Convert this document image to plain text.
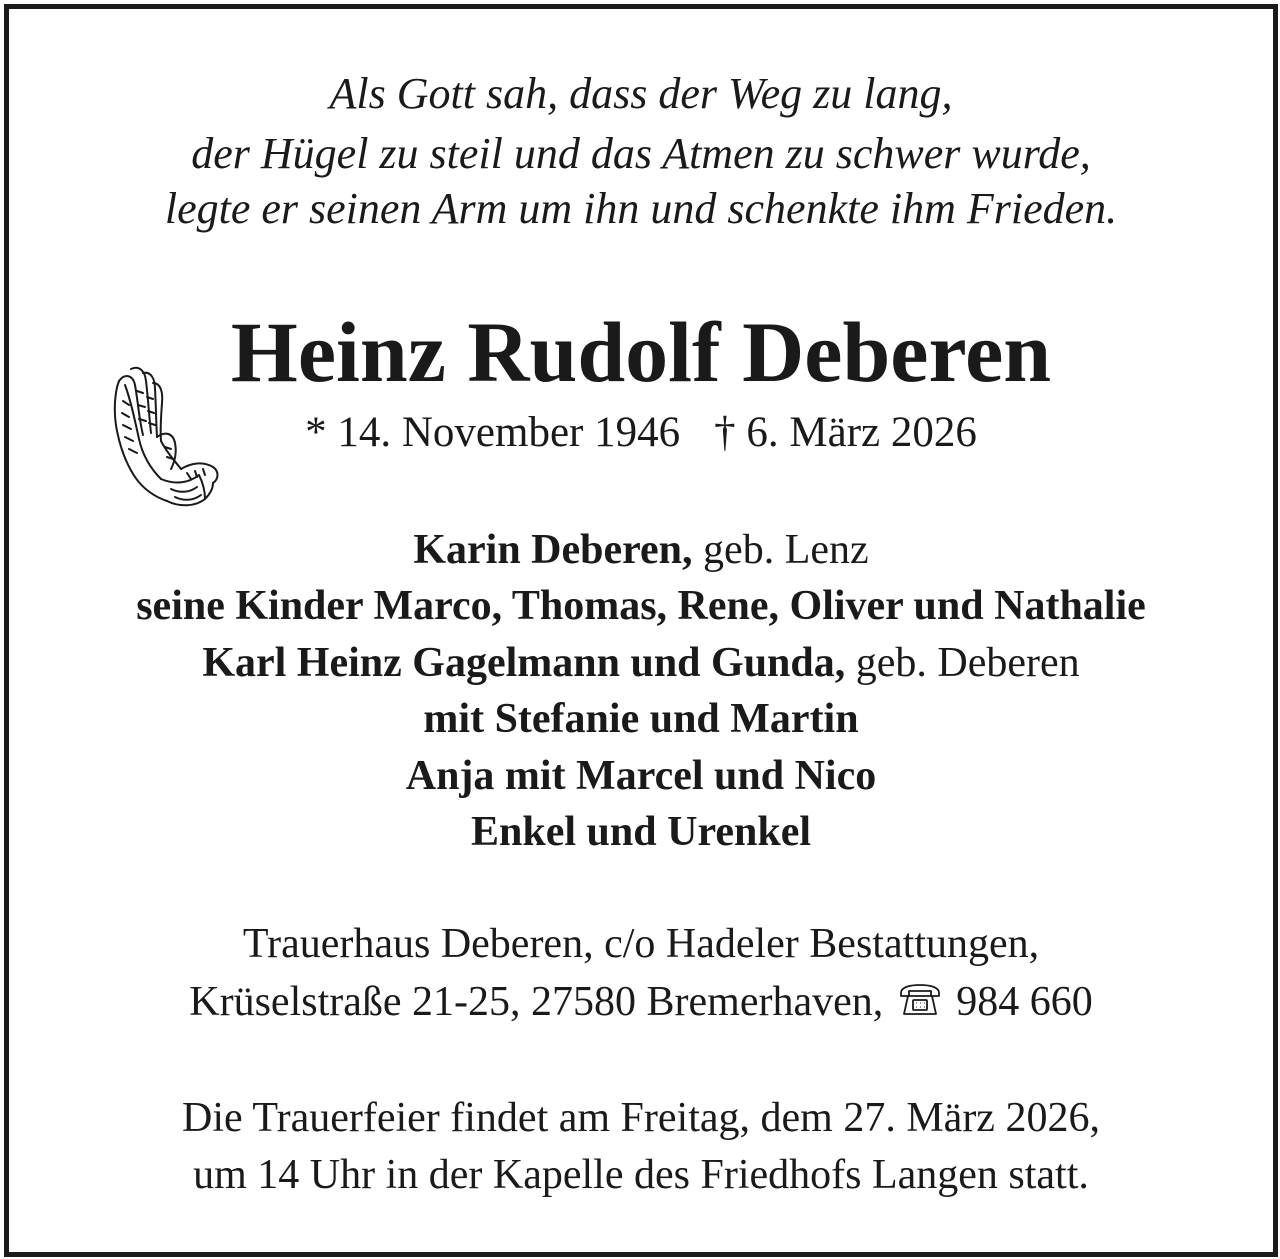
Als Gott sah, dass der Weg zu lang,

der Hügel zu steil und das Atmen zu schwer wurde,

legte er seinen Arm um ihn und schenkte ihm Frieden.

Heinz Rudolf Deberen

* 14. November 1946 † 6. März 2026

Karin Deberen, geb. Lenz

seine Kinder Marco, Thomas, Rene, Oliver und Nathalie

Karl Heinz Gagelmann und Gunda, geb. Deberen

mit Stefanie und Martin

Anja mit Marcel und Nico

Enkel und Urenkel

Trauerhaus Deberen, c/o Hadeler Bestattungen,

Krüselstraße 21-25, 27580 Bremerhaven, 984 660

Die Trauerfeier findet am Freitag, dem 27. März 2026,

um 14 Uhr in der Kapelle des Friedhofs Langen statt.
